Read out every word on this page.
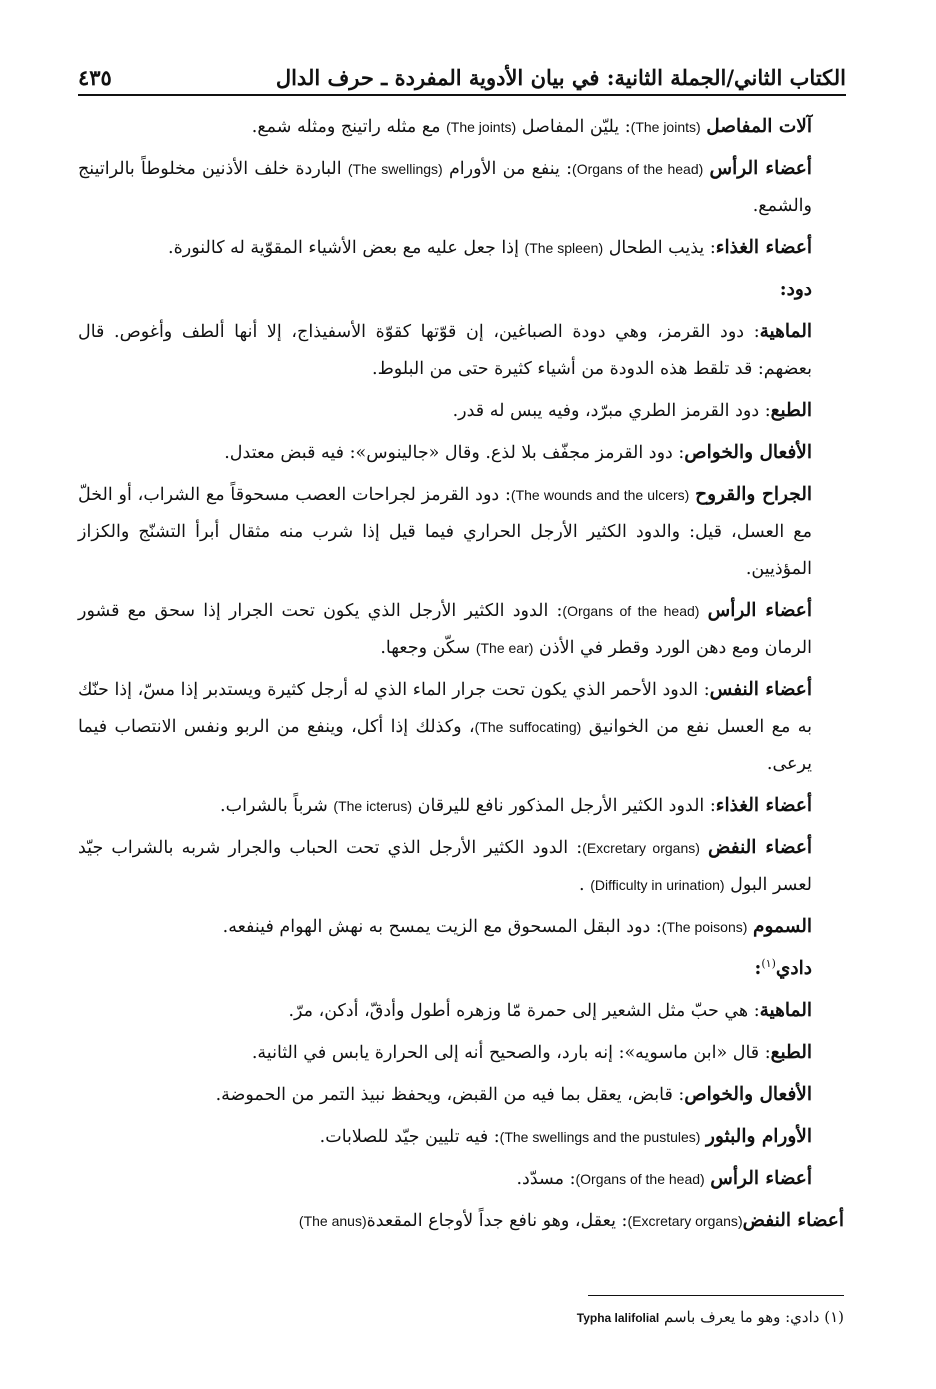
الكتاب الثاني/الجملة الثانية: في بيان الأدوية المفردة ـ حرف الدال
٤٣٥

آلات المفاصل (The joints): يليّن المفاصل (The joints) مع مثله راتينج ومثله شمع.

أعضاء الرأس (Organs of the head): ينفع من الأورام (The swellings) الباردة خلف الأذنين مخلوطاً بالراتينج والشمع.

أعضاء الغذاء: يذيب الطحال (The spleen) إذا جعل عليه مع بعض الأشياء المقوّية له كالنورة.

دود:

الماهية: دود القرمز، وهي دودة الصباغين، إن قوّتها كقوّة الأسفيذاج، إلا أنها ألطف وأغوص. قال بعضهم: قد تلقط هذه الدودة من أشياء كثيرة حتى من البلوط.

الطبع: دود القرمز الطري مبرّد، وفيه يبس له قدر.

الأفعال والخواص: دود القرمز مجفّف بلا لذع. وقال «جالينوس»: فيه قبض معتدل.

الجراح والقروح (The wounds and the ulcers): دود القرمز لجراحات العصب مسحوقاً مع الشراب، أو الخلّ مع العسل، قيل: والدود الكثير الأرجل الحراري فيما قيل إذا شرب منه مثقال أبرأ التشنّج والكزاز المؤذيين.

أعضاء الرأس (Organs of the head): الدود الكثير الأرجل الذي يكون تحت الجرار إذا سحق مع قشور الرمان ومع دهن الورد وقطر في الأذن (The ear) سكّن وجعها.

أعضاء النفس: الدود الأحمر الذي يكون تحت جرار الماء الذي له أرجل كثيرة ويستدبر إذا مسّ، إذا حنّك به مع العسل نفع من الخوانيق (The suffocating)، وكذلك إذا أكل، وينفع من الربو ونفس الانتصاب فيما يرعى.

أعضاء الغذاء: الدود الكثير الأرجل المذكور نافع لليرقان (The icterus) شرباً بالشراب.

أعضاء النفض (Excretary organs): الدود الكثير الأرجل الذي تحت الحباب والجرار شربه بالشراب جيّد لعسر البول (Difficulty in urination) .

السموم (The poisons): دود البقل المسحوق مع الزيت يمسح به نهش الهوام فينفعه.

دادي$^{(١)}$:

الماهية: هي حبّ مثل الشعير إلى حمرة مّا وزهره أطول وأدقّ، أدكن، مرّ.

الطبع: قال «ابن ماسويه»: إنه بارد، والصحيح أنه إلى الحرارة يابس في الثانية.

الأفعال والخواص: قابض، يعقل بما فيه من القبض، ويحفظ نبيذ التمر من الحموضة.

الأورام والبثور (The swellings and the pustules): فيه تليين جيّد للصلابات.

أعضاء الرأس (Organs of the head): مسدّد.

أعضاء النفض(Excretary organs): يعقل، وهو نافع جداً لأوجاع المقعدة(The anus)

(١) دادي: وهو ما يعرف باسم Typha lalifolial
